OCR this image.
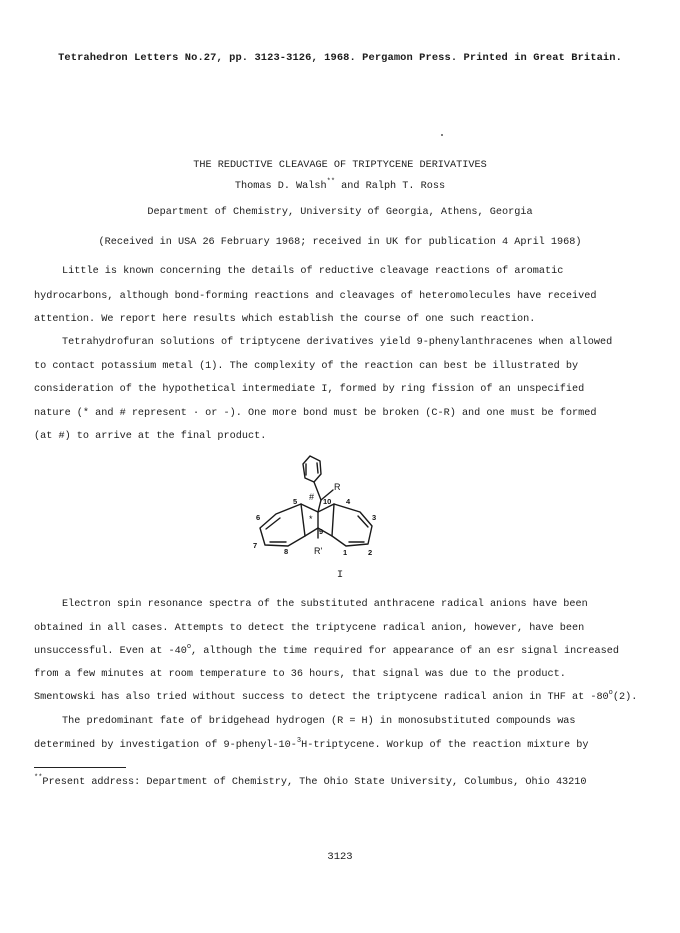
Tetrahedron Letters No.27, pp. 3123-3126, 1968. Pergamon Press. Printed in Great Britain.
THE REDUCTIVE CLEAVAGE OF TRIPTYCENE DERIVATIVES
Thomas D. Walsh** and Ralph T. Ross
Department of Chemistry, University of Georgia, Athens, Georgia
(Received in USA 26 February 1968; received in UK for publication 4 April 1968)
Little is known concerning the details of reductive cleavage reactions of aromatic
hydrocarbons, although bond-forming reactions and cleavages of heteromolecules have received
attention. We report here results which establish the course of one such reaction.
Tetrahydrofuran solutions of triptycene derivatives yield 9-phenylanthracenes when allowed
to contact potassium metal (1). The complexity of the reaction can best be illustrated by
consideration of the hypothetical intermediate I, formed by ring fission of an unspecified
nature (* and # represent · or -). One more bond must be broken (C-R) and one must be formed
(at #) to arrive at the final product.
5 # 10
R
4
6	3
*
9
7
8	R'	1	2
I
Electron spin resonance spectra of the substituted anthracene radical anions have been
obtained in all cases. Attempts to detect the triptycene radical anion, however, have been
unsuccessful. Even at -40$^o$, although the time required for appearance of an esr signal increased
from a few minutes at room temperature to 36 hours, that signal was due to the product.
Smentowski has also tried without success to detect the triptycene radical anion in THF at -80$^o$(2).
The predominant fate of bridgehead hydrogen (R = H) in monosubstituted compounds was
determined by investigation of 9-phenyl-10-$^3$H-triptycene. Workup of the reaction mixture by
**Present address: Department of Chemistry, The Ohio State University, Columbus, Ohio 43210
3123
